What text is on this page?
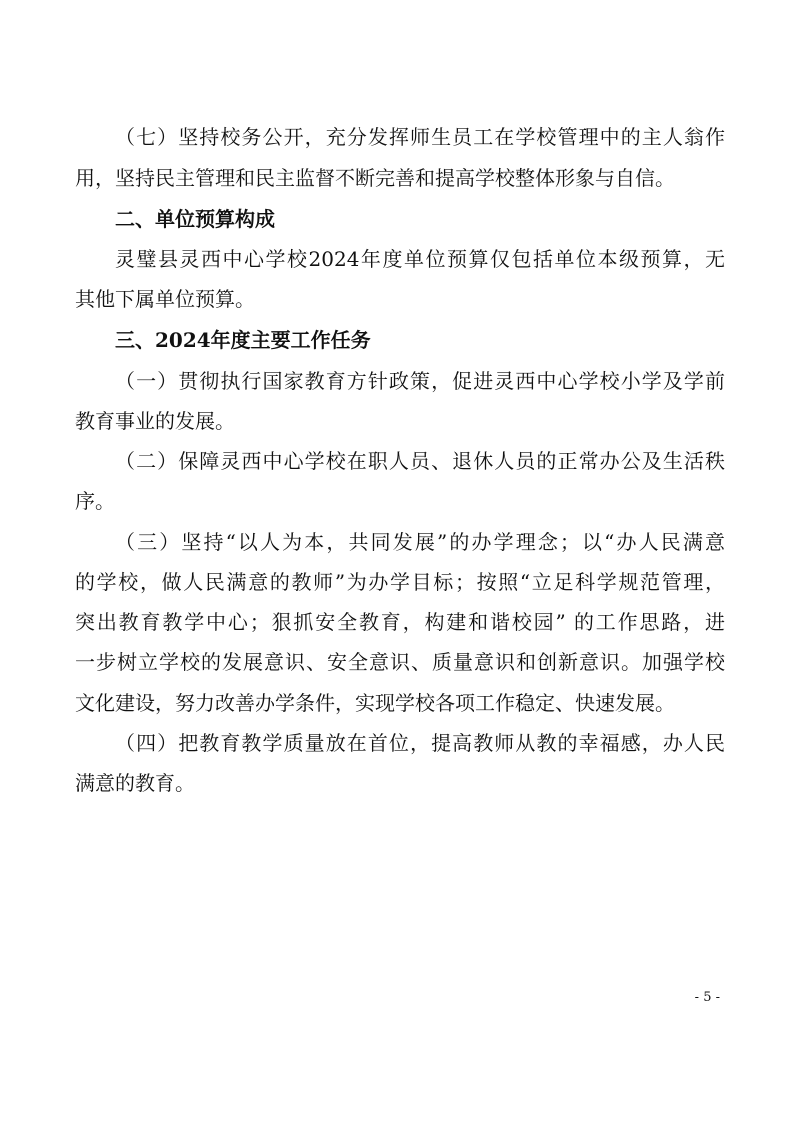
（七）坚持校务公开，充分发挥师生员工在学校管理中的主人翁作
用，坚持民主管理和民主监督不断完善和提高学校整体形象与自信。
二、单位预算构成
灵璧县灵西中心学校2024年度单位预算仅包括单位本级预算，无
其他下属单位预算。
三、2024年度主要工作任务
（一）贯彻执行国家教育方针政策，促进灵西中心学校小学及学前
教育事业的发展。
（二）保障灵西中心学校在职人员、退休人员的正常办公及生活秩
序。
（三）坚持“以人为本，共同发展”的办学理念；以“办人民满意
的学校，做人民满意的教师”为办学目标；按照“立足科学规范管理，
突出教育教学中心；狠抓安全教育，构建和谐校园” 的工作思路，进
一步树立学校的发展意识、安全意识、质量意识和创新意识。加强学校
文化建设，努力改善办学条件，实现学校各项工作稳定、快速发展。
（四）把教育教学质量放在首位，提高教师从教的幸福感，办人民
满意的教育。
- 5 -
